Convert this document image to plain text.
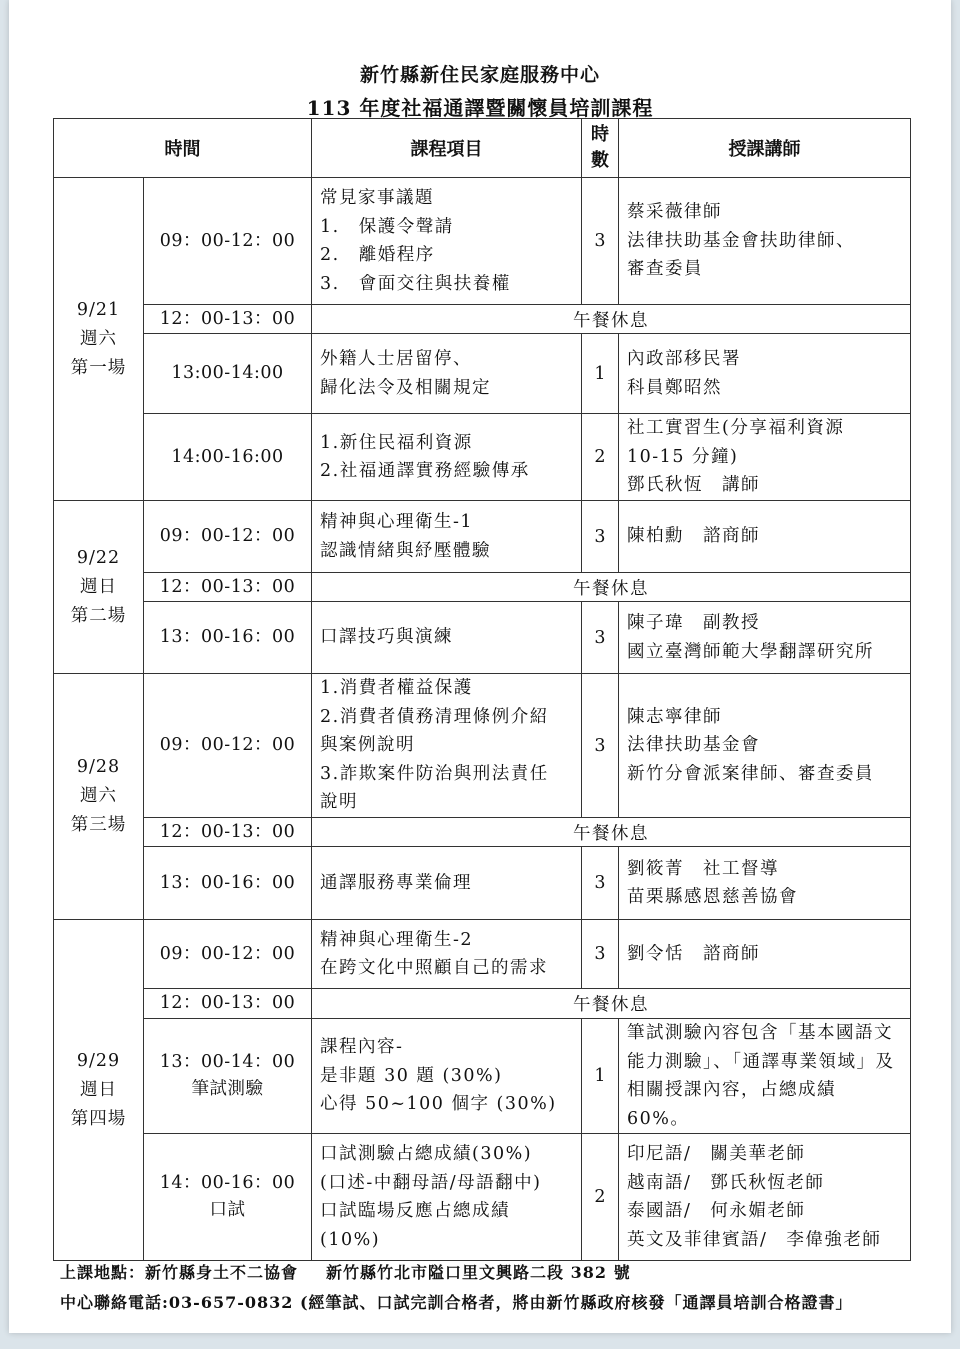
新竹縣新住民家庭服務中心
113 年度社福通譯暨關懷員培訓課程
時間		課程項目	時
數	授課講師

9/21
週六
第一場	09：00-12：00	常見家事議題
1.　保護令聲請
2.　離婚程序
3.　會面交往與扶養權	3	蔡采薇律師
法律扶助基金會扶助律師、
審查委員

	12：00-13：00	午餐休息		

	13:00-14:00	外籍人士居留停、
歸化法令及相關規定	1	內政部移民署
科員鄭昭然

	14:00-16:00	1.新住民福利資源
2.社福通譯實務經驗傳承	2	社工實習生(分享福利資源
10-15 分鐘)
鄧氏秋恆　講師

9/22
週日
第二場	09：00-12：00	精神與心理衛生-1
認識情緒與紓壓體驗	3	陳柏勳　諮商師

	12：00-13：00	午餐休息		

	13：00-16：00	口譯技巧與演練	3	陳子瑋　副教授
國立臺灣師範大學翻譯研究所

9/28
週六
第三場	09：00-12：00	1.消費者權益保護
2.消費者債務清理條例介紹
與案例說明
3.詐欺案件防治與刑法責任
說明	3	陳志寧律師
法律扶助基金會
新竹分會派案律師、審查委員

	12：00-13：00	午餐休息		

	13：00-16：00	通譯服務專業倫理	3	劉筱菁　社工督導
苗栗縣感恩慈善協會

9/29
週日
第四場	09：00-12：00	精神與心理衛生-2
在跨文化中照顧自己的需求	3	劉令恬　諮商師

	12：00-13：00	午餐休息		

	13：00-14：00
筆試測驗	課程內容-
是非題 30 題 (30%)
心得 50~100 個字 (30%)	1	筆試測驗內容包含「基本國語文
能力測驗」、「通譯專業領域」及
相關授課內容，占總成績 60%。

	14：00-16：00
口試	口試測驗占總成績(30%)
(口述-中翻母語/母語翻中)
口試臨場反應占總成績
(10%)	2	印尼語/　關美華老師
越南語/　鄧氏秋恆老師
泰國語/　何永媚老師
英文及菲律賓語/　李偉強老師
上課地點：新竹縣身土不二協會 新竹縣竹北市隘口里文興路二段 382 號
中心聯絡電話:03-657-0832 (經筆試、口試完訓合格者，將由新竹縣政府核發「通譯員培訓合格證書」
